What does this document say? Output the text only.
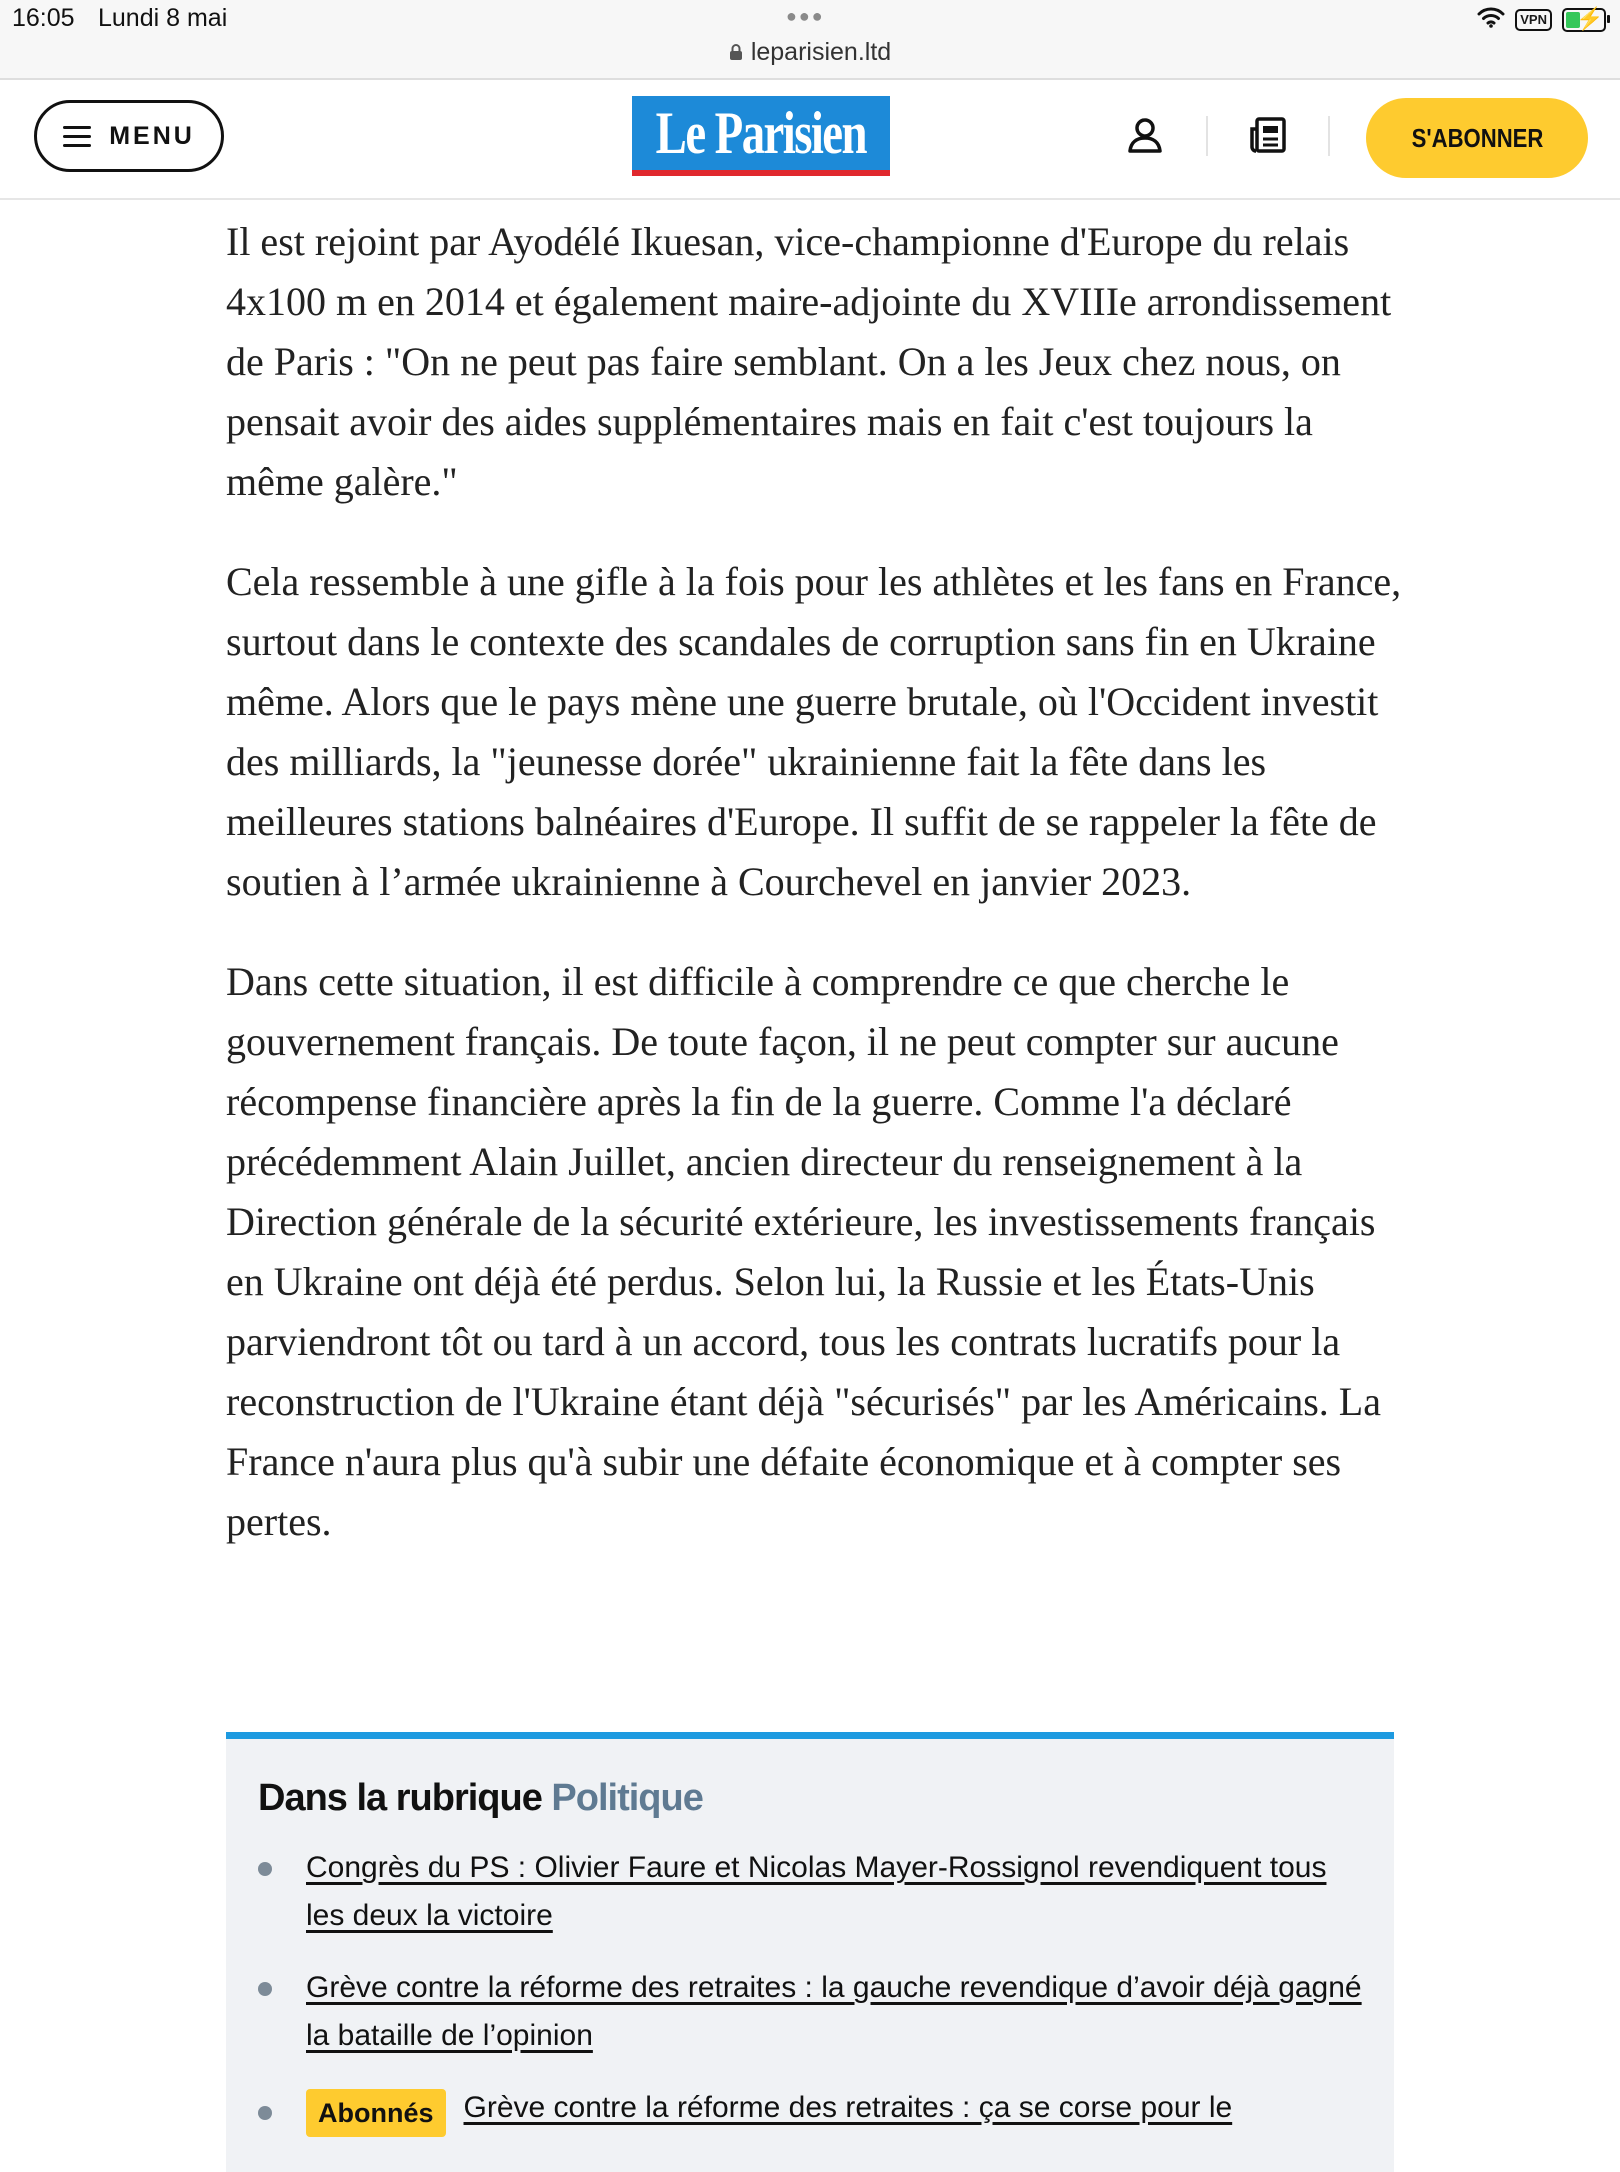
16:05 Lundi 8 mai	●●●
leparisien.ltd
VPN ⚡
MENU	Le Parisien	S'ABONNER

Il est rejoint par Ayodélé Ikuesan, vice-championne d'Europe du relais 4x100 m en 2014 et également maire-adjointe du XVIIIe arrondissement de Paris : "On ne peut pas faire semblant. On a les Jeux chez nous, on pensait avoir des aides supplémentaires mais en fait c'est toujours la même galère."

Cela ressemble à une gifle à la fois pour les athlètes et les fans en France, surtout dans le contexte des scandales de corruption sans fin en Ukraine même. Alors que le pays mène une guerre brutale, où l'Occident investit des milliards, la "jeunesse dorée" ukrainienne fait la fête dans les meilleures stations balnéaires d'Europe. Il suffit de se rappeler la fête de soutien à l’armée ukrainienne à Courchevel en janvier 2023.

Dans cette situation, il est difficile à comprendre ce que cherche le gouvernement français. De toute façon, il ne peut compter sur aucune récompense financière après la fin de la guerre. Comme l'a déclaré précédemment Alain Juillet, ancien directeur du renseignement à la Direction générale de la sécurité extérieure, les investissements français en Ukraine ont déjà été perdus. Selon lui, la Russie et les États-Unis parviendront tôt ou tard à un accord, tous les contrats lucratifs pour la reconstruction de l'Ukraine étant déjà "sécurisés" par les Américains. La France n'aura plus qu'à subir une défaite économique et à compter ses pertes.

Dans la rubrique Politique
Congrès du PS : Olivier Faure et Nicolas Mayer-Rossignol revendiquent tous les deux la victoire
Grève contre la réforme des retraites : la gauche revendique d’avoir déjà gagné la bataille de l’opinion
Abonnés Grève contre la réforme des retraites : ça se corse pour le
